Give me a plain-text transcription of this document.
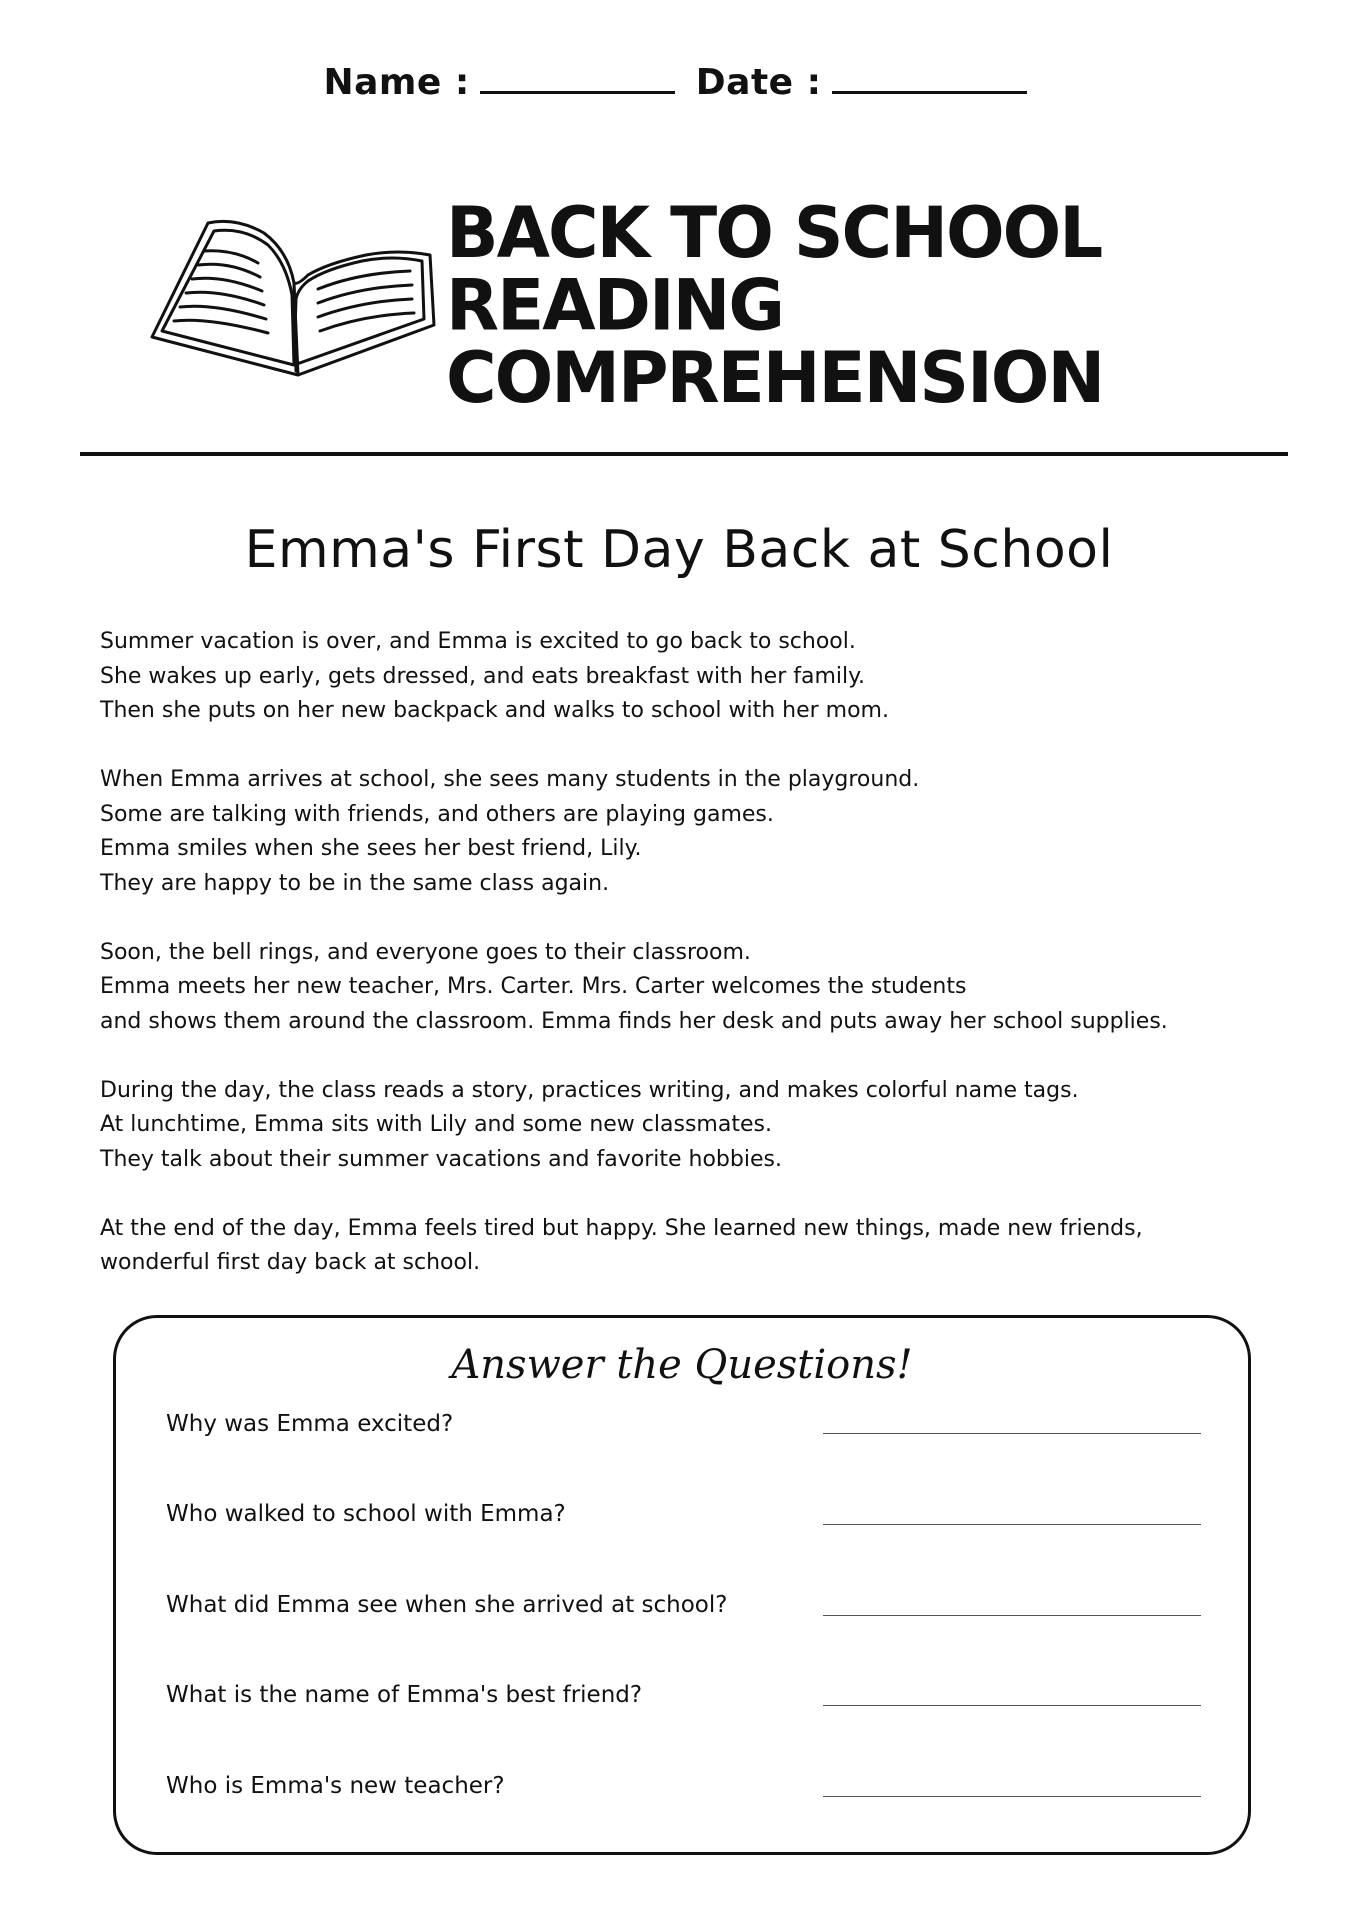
Name :	Date :
BACK TO SCHOOL
READING
COMPREHENSION
Emma's First Day Back at School
Summer vacation is over, and Emma is excited to go back to school.
She wakes up early, gets dressed, and eats breakfast with her family.
Then she puts on her new backpack and walks to school with her mom.
When Emma arrives at school, she sees many students in the playground.
Some are talking with friends, and others are playing games.
Emma smiles when she sees her best friend, Lily.
They are happy to be in the same class again.
Soon, the bell rings, and everyone goes to their classroom.
Emma meets her new teacher, Mrs. Carter. Mrs. Carter welcomes the students
and shows them around the classroom. Emma finds her desk and puts away her school supplies.
During the day, the class reads a story, practices writing, and makes colorful name tags.
At lunchtime, Emma sits with Lily and some new classmates.
They talk about their summer vacations and favorite hobbies.
At the end of the day, Emma feels tired but happy. She learned new things, made new friends,
wonderful first day back at school.
Answer the Questions!
Why was Emma excited?
Who walked to school with Emma?
What did Emma see when she arrived at school?
What is the name of Emma's best friend?
Who is Emma's new teacher?
